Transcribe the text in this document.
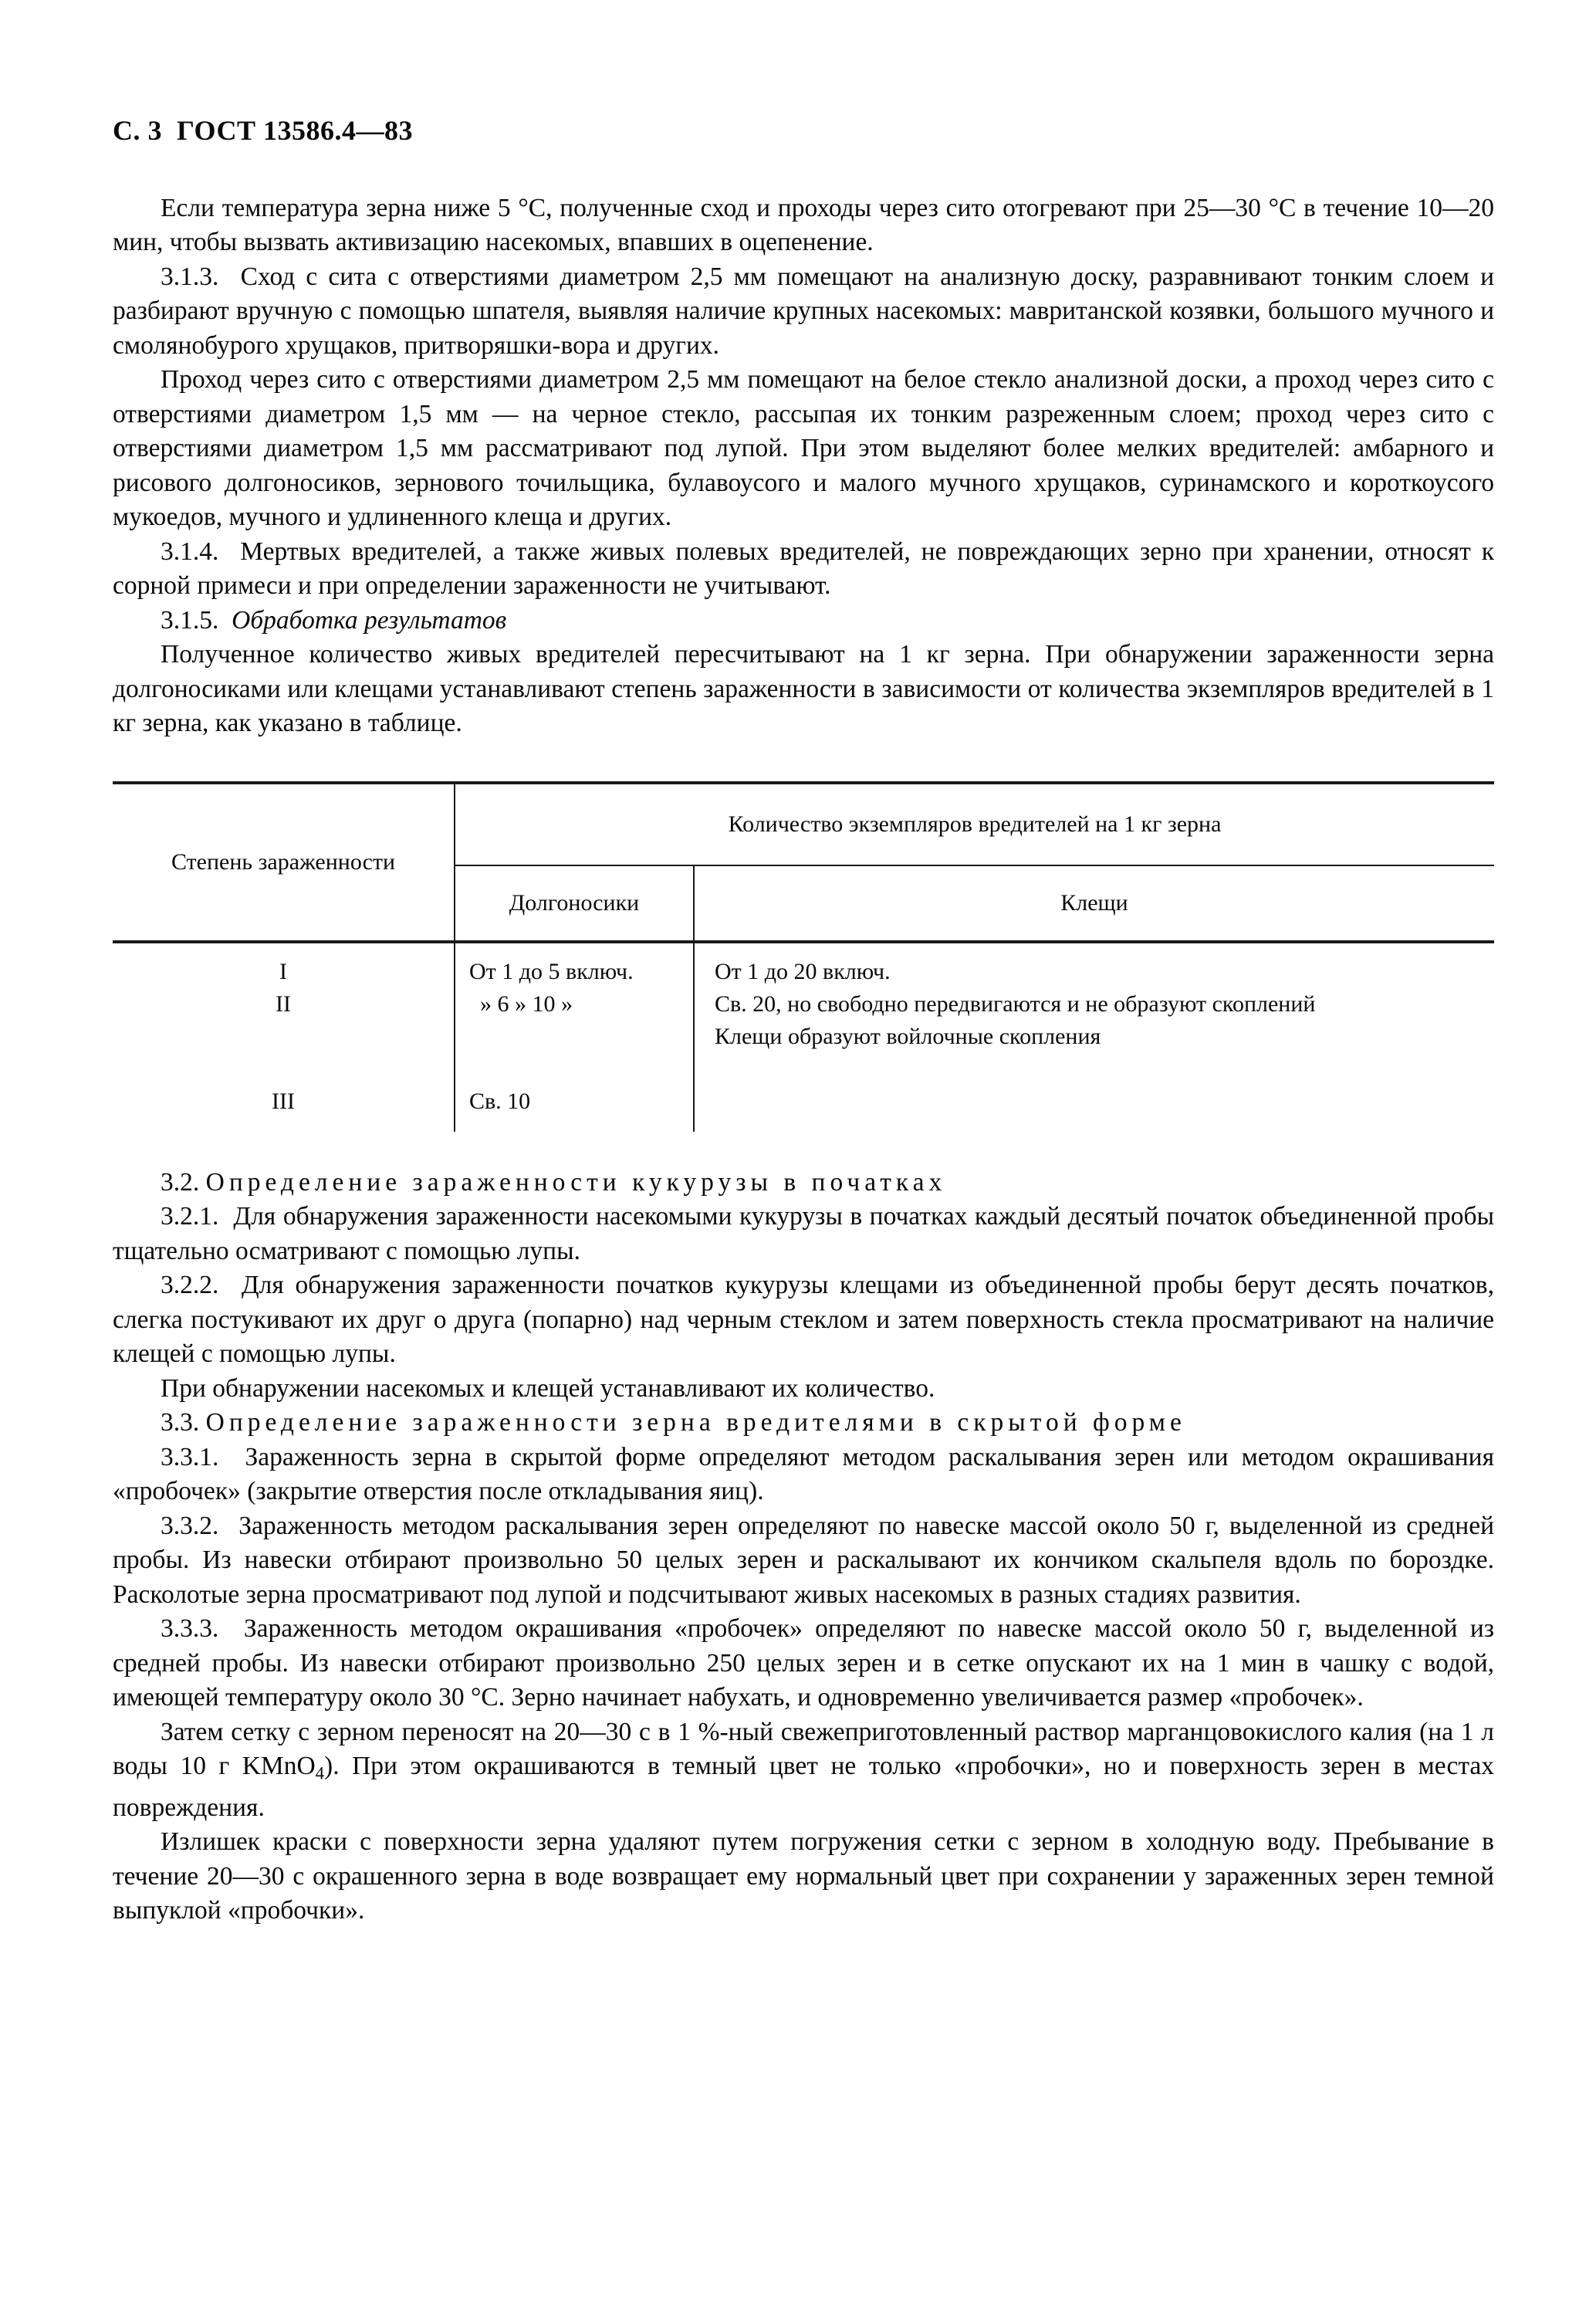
С. 3  ГОСТ 13586.4—83

Если температура зерна ниже 5 °С, полученные сход и проходы через сито отогревают при 25—30 °С в течение 10—20 мин, чтобы вызвать активизацию насекомых, впавших в оцепенение.

3.1.3. Сход с сита с отверстиями диаметром 2,5 мм помещают на анализную доску, разравнивают тонким слоем и разбирают вручную с помощью шпателя, выявляя наличие крупных насекомых: мавританской козявки, большого мучного и смолянобурого хрущаков, притворяшки-вора и других.

Проход через сито с отверстиями диаметром 2,5 мм помещают на белое стекло анализной доски, а проход через сито с отверстиями диаметром 1,5 мм — на черное стекло, рассыпая их тонким разреженным слоем; проход через сито с отверстиями диаметром 1,5 мм рассматривают под лупой. При этом выделяют более мелких вредителей: амбарного и рисового долгоносиков, зернового точильщика, булавоусого и малого мучного хрущаков, суринамского и короткоусого мукоедов, мучного и удлиненного клеща и других.

3.1.4. Мертвых вредителей, а также живых полевых вредителей, не повреждающих зерно при хранении, относят к сорной примеси и при определении зараженности не учитывают.

3.1.5. Обработка результатов

Полученное количество живых вредителей пересчитывают на 1 кг зерна. При обнаружении зараженности зерна долгоносиками или клещами устанавливают степень зараженности в зависимости от количества экземпляров вредителей в 1 кг зерна, как указано в таблице.

Степень зараженности
Количество экземпляров вредителей на 1 кг зерна
Долгоносики	Клещи
I
II
III
От 1 до 5 включ.
» 6 » 10 »
Св. 10
От 1 до 20 включ.
Св. 20, но свободно передвигаются и не образуют скоплений
Клещи образуют войлочные скопления

3.2. Определение зараженности кукурузы в початках

3.2.1. Для обнаружения зараженности насекомыми кукурузы в початках каждый десятый початок объединенной пробы тщательно осматривают с помощью лупы.

3.2.2. Для обнаружения зараженности початков кукурузы клещами из объединенной пробы берут десять початков, слегка постукивают их друг о друга (попарно) над черным стеклом и затем поверхность стекла просматривают на наличие клещей с помощью лупы.

При обнаружении насекомых и клещей устанавливают их количество.

3.3. Определение зараженности зерна вредителями в скрытой форме

3.3.1. Зараженность зерна в скрытой форме определяют методом раскалывания зерен или методом окрашивания «пробочек» (закрытие отверстия после откладывания яиц).

3.3.2. Зараженность методом раскалывания зерен определяют по навеске массой около 50 г, выделенной из средней пробы. Из навески отбирают произвольно 50 целых зерен и раскалывают их кончиком скальпеля вдоль по бороздке. Расколотые зерна просматривают под лупой и подсчитывают живых насекомых в разных стадиях развития.

3.3.3. Зараженность методом окрашивания «пробочек» определяют по навеске массой около 50 г, выделенной из средней пробы. Из навески отбирают произвольно 250 целых зерен и в сетке опускают их на 1 мин в чашку с водой, имеющей температуру около 30 °С. Зерно начинает набухать, и одновременно увеличивается размер «пробочек».

Затем сетку с зерном переносят на 20—30 с в 1 %-ный свежеприготовленный раствор марганцовокислого калия (на 1 л воды 10 г KMnO$_4$). При этом окрашиваются в темный цвет не только «пробочки», но и поверхность зерен в местах повреждения.

Излишек краски с поверхности зерна удаляют путем погружения сетки с зерном в холодную воду. Пребывание в течение 20—30 с окрашенного зерна в воде возвращает ему нормальный цвет при сохранении у зараженных зерен темной выпуклой «пробочки».
